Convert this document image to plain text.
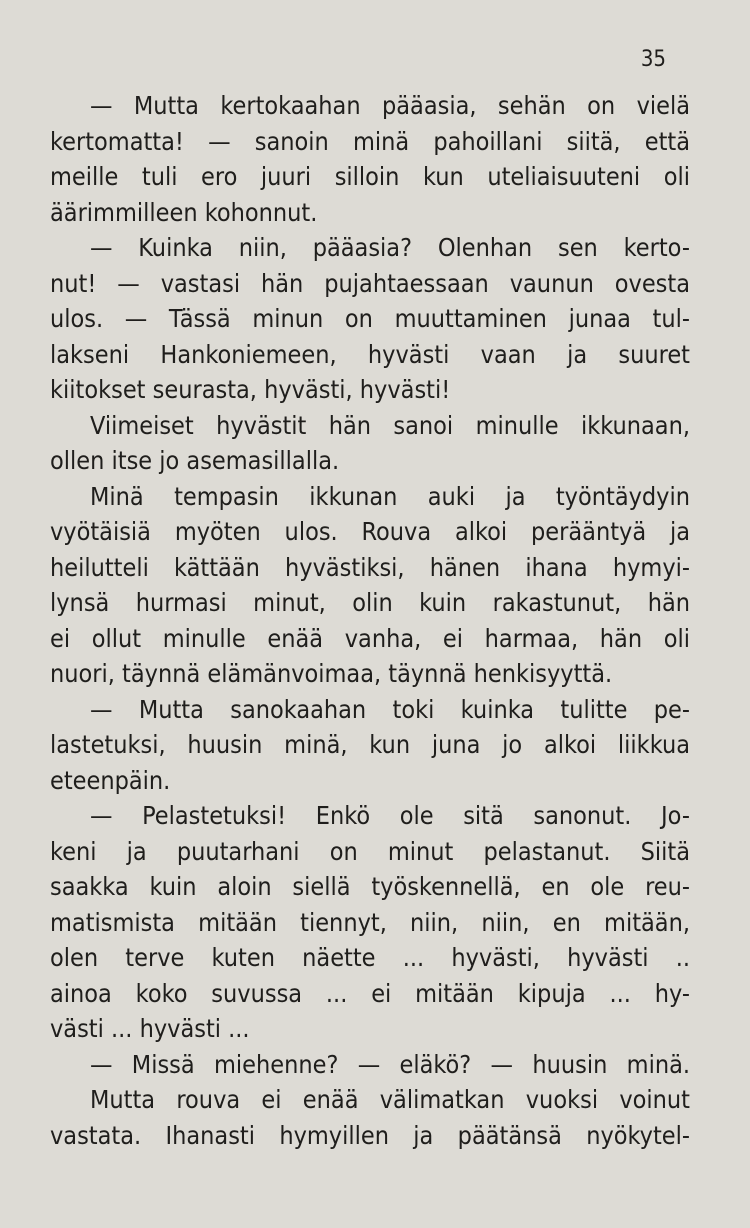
35
— Mutta kertokaahan pääasia, sehän on vielä
kertomatta! — sanoin minä pahoillani siitä, että
meille tuli ero juuri silloin kun uteliaisuuteni oli
äärimmilleen kohonnut.
— Kuinka niin, pääasia? Olenhan sen kerto-
nut! — vastasi hän pujahtaessaan vaunun ovesta
ulos. — Tässä minun on muuttaminen junaa tul-
lakseni Hankoniemeen, hyvästi vaan ja suuret
kiitokset seurasta, hyvästi, hyvästi!
Viimeiset hyvästit hän sanoi minulle ikkunaan,
ollen itse jo asemasillalla.
Minä tempasin ikkunan auki ja työntäydyin
vyötäisiä myöten ulos. Rouva alkoi perääntyä ja
heilutteli kättään hyvästiksi, hänen ihana hymyi-
lynsä hurmasi minut, olin kuin rakastunut, hän
ei ollut minulle enää vanha, ei harmaa, hän oli
nuori, täynnä elämänvoimaa, täynnä henkisyyttä.
— Mutta sanokaahan toki kuinka tulitte pe-
lastetuksi, huusin minä, kun juna jo alkoi liikkua
eteenpäin.
— Pelastetuksi! Enkö ole sitä sanonut. Jo-
keni ja puutarhani on minut pelastanut. Siitä
saakka kuin aloin siellä työskennellä, en ole reu-
matismista mitään tiennyt, niin, niin, en mitään,
olen terve kuten näette ... hyvästi, hyvästi ..
ainoa koko suvussa ... ei mitään kipuja ... hy-
västi ... hyvästi ...
— Missä miehenne? — eläkö? — huusin minä.
Mutta rouva ei enää välimatkan vuoksi voinut
vastata. Ihanasti hymyillen ja päätänsä nyökytel-
